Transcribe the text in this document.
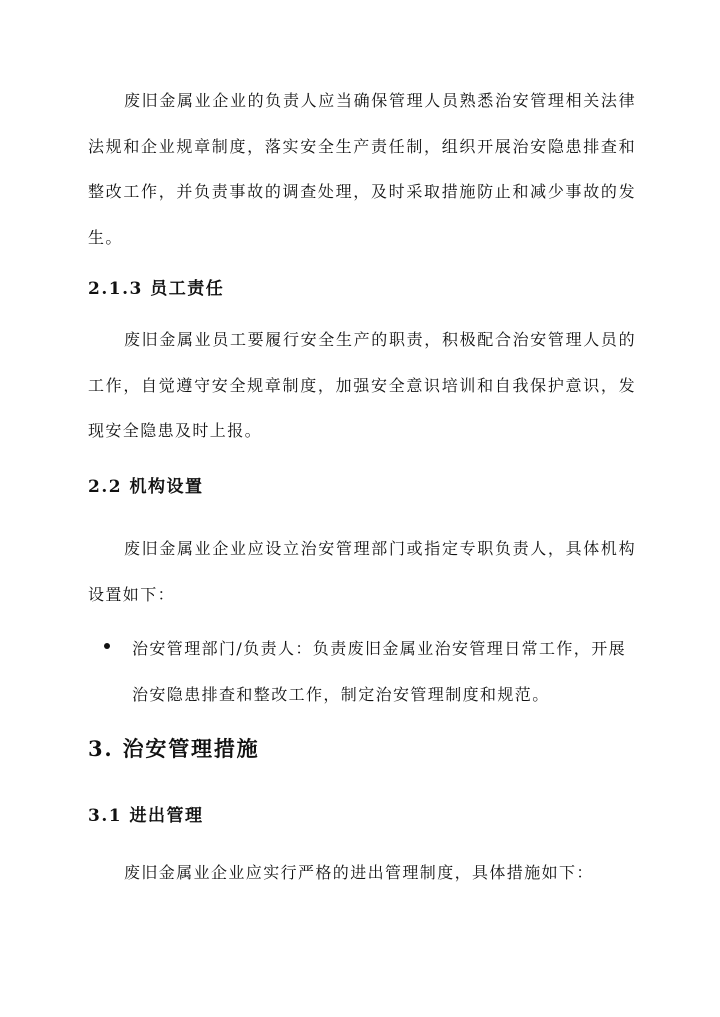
废旧金属业企业的负责人应当确保管理人员熟悉治安管理相关法律法规和企业规章制度，落实安全生产责任制，组织开展治安隐患排查和整改工作，并负责事故的调查处理，及时采取措施防止和减少事故的发生。

2.1.3 员工责任

废旧金属业员工要履行安全生产的职责，积极配合治安管理人员的工作，自觉遵守安全规章制度，加强安全意识培训和自我保护意识，发现安全隐患及时上报。

2.2 机构设置

废旧金属业企业应设立治安管理部门或指定专职负责人，具体机构设置如下：

治安管理部门/负责人：负责废旧金属业治安管理日常工作，开展治安隐患排查和整改工作，制定治安管理制度和规范。

3. 治安管理措施
3.1 进出管理

废旧金属业企业应实行严格的进出管理制度，具体措施如下：
